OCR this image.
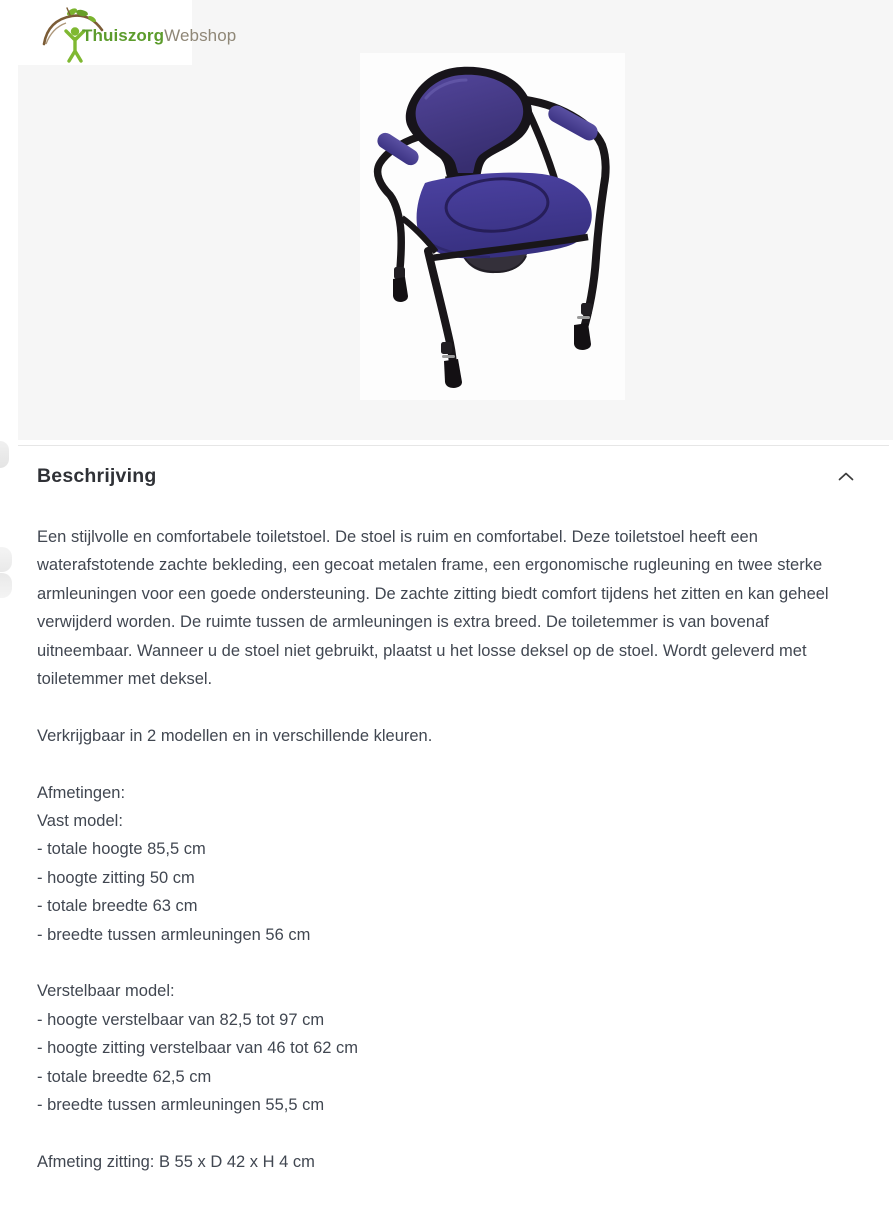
ThuiszorgWebshop
Beschrijving

Een stijlvolle en comfortabele toiletstoel. De stoel is ruim en comfortabel. Deze toiletstoel heeft een waterafstotende zachte bekleding, een gecoat metalen frame, een ergonomische rugleuning en twee sterke armleuningen voor een goede ondersteuning. De zachte zitting biedt comfort tijdens het zitten en kan geheel verwijderd worden. De ruimte tussen de armleuningen is extra breed. De toiletemmer is van bovenaf uitneembaar. Wanneer u de stoel niet gebruikt, plaatst u het losse deksel op de stoel. Wordt geleverd met toiletemmer met deksel.

Verkrijgbaar in 2 modellen en in verschillende kleuren.

Afmetingen:
Vast model:
- totale hoogte 85,5 cm
- hoogte zitting 50 cm
- totale breedte 63 cm
- breedte tussen armleuningen 56 cm
Verstelbaar model:
- hoogte verstelbaar van 82,5 tot 97 cm
- hoogte zitting verstelbaar van 46 tot 62 cm
- totale breedte 62,5 cm
- breedte tussen armleuningen 55,5 cm
Afmeting zitting: B 55 x D 42 x H 4 cm
